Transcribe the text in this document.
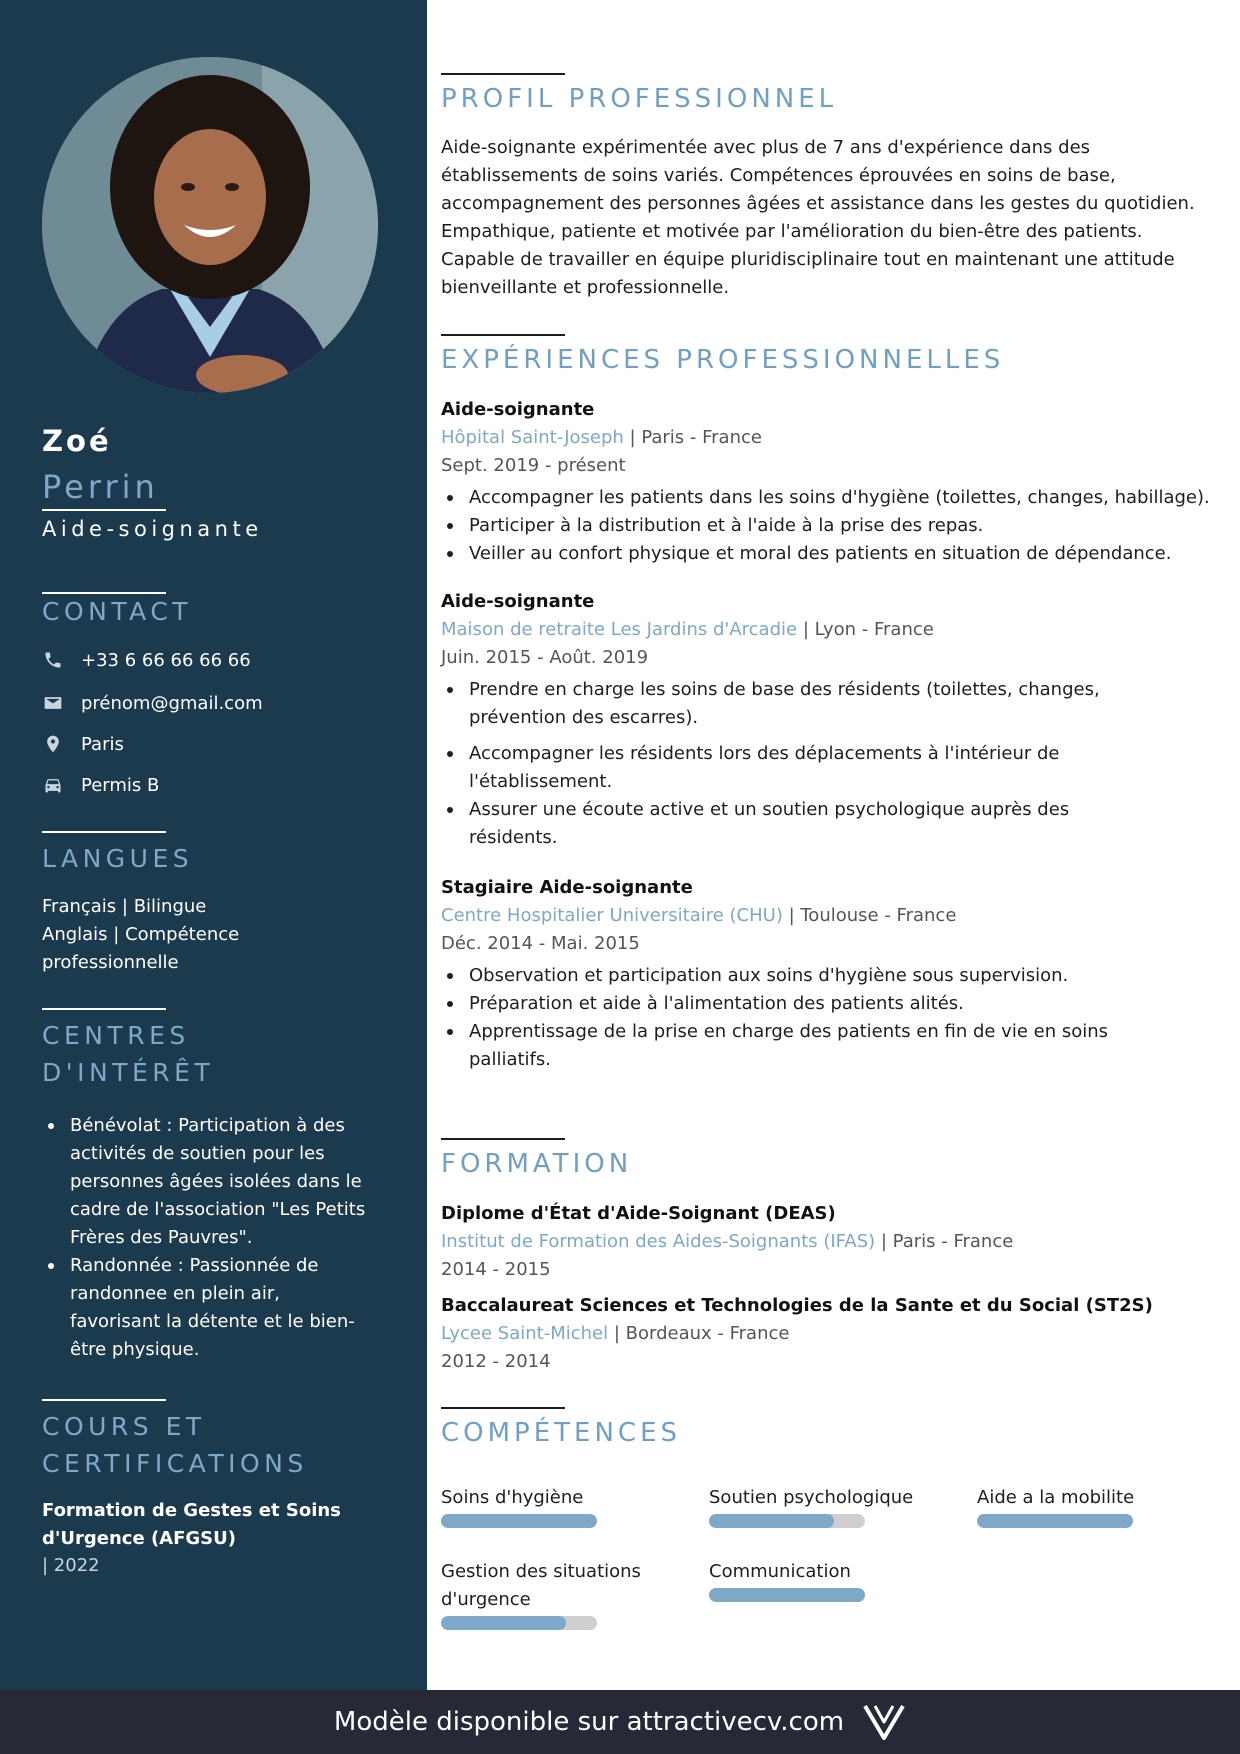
Zoé
Perrin
Aide-soignante
CONTACT
+33 6 66 66 66 66
prénom@gmail.com
Paris
Permis B
LANGUES
Français | Bilingue
Anglais | Compétence professionnelle
CENTRES
D'INTÉRÊT
Bénévolat : Participation à des activités de soutien pour les personnes âgées isolées dans le cadre de l'association "Les Petits Frères des Pauvres".
Randonnée : Passionnée de randonnee en plein air, favorisant la détente et le bien-être physique.
COURS ET
CERTIFICATIONS
Formation de Gestes et Soins d'Urgence (AFGSU)
| 2022
PROFIL PROFESSIONNEL
Aide-soignante expérimentée avec plus de 7 ans d'expérience dans des établissements de soins variés. Compétences éprouvées en soins de base, accompagnement des personnes âgées et assistance dans les gestes du quotidien. Empathique, patiente et motivée par l'amélioration du bien-être des patients. Capable de travailler en équipe pluridisciplinaire tout en maintenant une attitude bienveillante et professionnelle.
EXPÉRIENCES PROFESSIONNELLES
Aide-soignante
Hôpital Saint-Joseph | Paris - France
Sept. 2019 - présent
Accompagner les patients dans les soins d'hygiène (toilettes, changes, habillage).
Participer à la distribution et à l'aide à la prise des repas.
Veiller au confort physique et moral des patients en situation de dépendance.
Aide-soignante
Maison de retraite Les Jardins d'Arcadie | Lyon - France
Juin. 2015 - Août. 2019
Prendre en charge les soins de base des résidents (toilettes, changes, prévention des escarres).
Accompagner les résidents lors des déplacements à l'intérieur de l'établissement.
Assurer une écoute active et un soutien psychologique auprès des résidents.
Stagiaire Aide-soignante
Centre Hospitalier Universitaire (CHU) | Toulouse - France
Déc. 2014 - Mai. 2015
Observation et participation aux soins d'hygiène sous supervision.
Préparation et aide à l'alimentation des patients alités.
Apprentissage de la prise en charge des patients en fin de vie en soins palliatifs.
FORMATION
Diplome d'État d'Aide-Soignant (DEAS)
Institut de Formation des Aides-Soignants (IFAS) | Paris - France
2014 - 2015
Baccalaureat Sciences et Technologies de la Sante et du Social (ST2S)
Lycee Saint-Michel | Bordeaux - France
2012 - 2014
COMPÉTENCES
Soins d'hygiène	Soutien psychologique	Aide a la mobilite
Gestion des situations d'urgence
Communication
Modèle disponible sur attractivecv.com
